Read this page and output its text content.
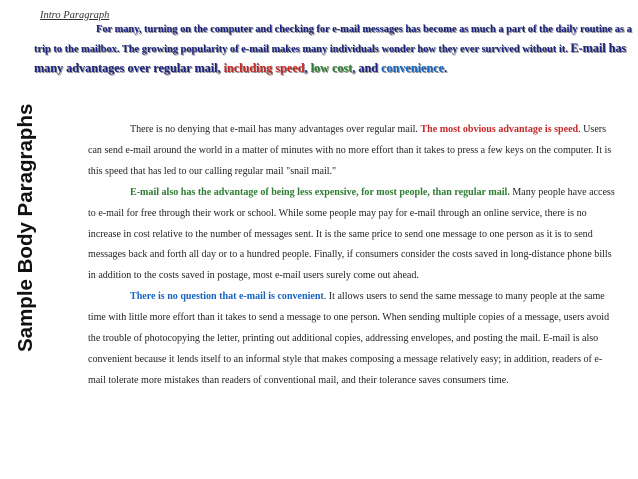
Intro Paragraph
For many, turning on the computer and checking for e-mail messages has become as much a part of the daily routine as a trip to the mailbox. The growing popularity of e-mail makes many individuals wonder how they ever survived without it. E-mail has many advantages over regular mail, including speed, low cost, and convenience.
Sample Body Paragraphs	There is no denying that e-mail has many advantages over regular mail. The most obvious advantage is speed. Users can send e-mail around the world in a matter of minutes with no more effort than it takes to press a few keys on the computer. It is this speed that has led to our calling regular mail "snail mail."

E-mail also has the advantage of being less expensive, for most people, than regular mail. Many people have access to e-mail for free through their work or school. While some people may pay for e-mail through an online service, there is no increase in cost relative to the number of messages sent. It is the same price to send one message to one person as it is to send messages back and forth all day or to a hundred people. Finally, if consumers consider the costs saved in long-distance phone bills in addition to the costs saved in postage, most e-mail users surely come out ahead.

There is no question that e-mail is convenient. It allows users to send the same message to many people at the same time with little more effort than it takes to send a message to one person. When sending multiple copies of a message, users avoid the trouble of photocopying the letter, printing out additional copies, addressing envelopes, and posting the mail. E-mail is also convenient because it lends itself to an informal style that makes composing a message relatively easy; in addition, readers of e-mail tolerate more mistakes than readers of conventional mail, and their tolerance saves consumers time.
